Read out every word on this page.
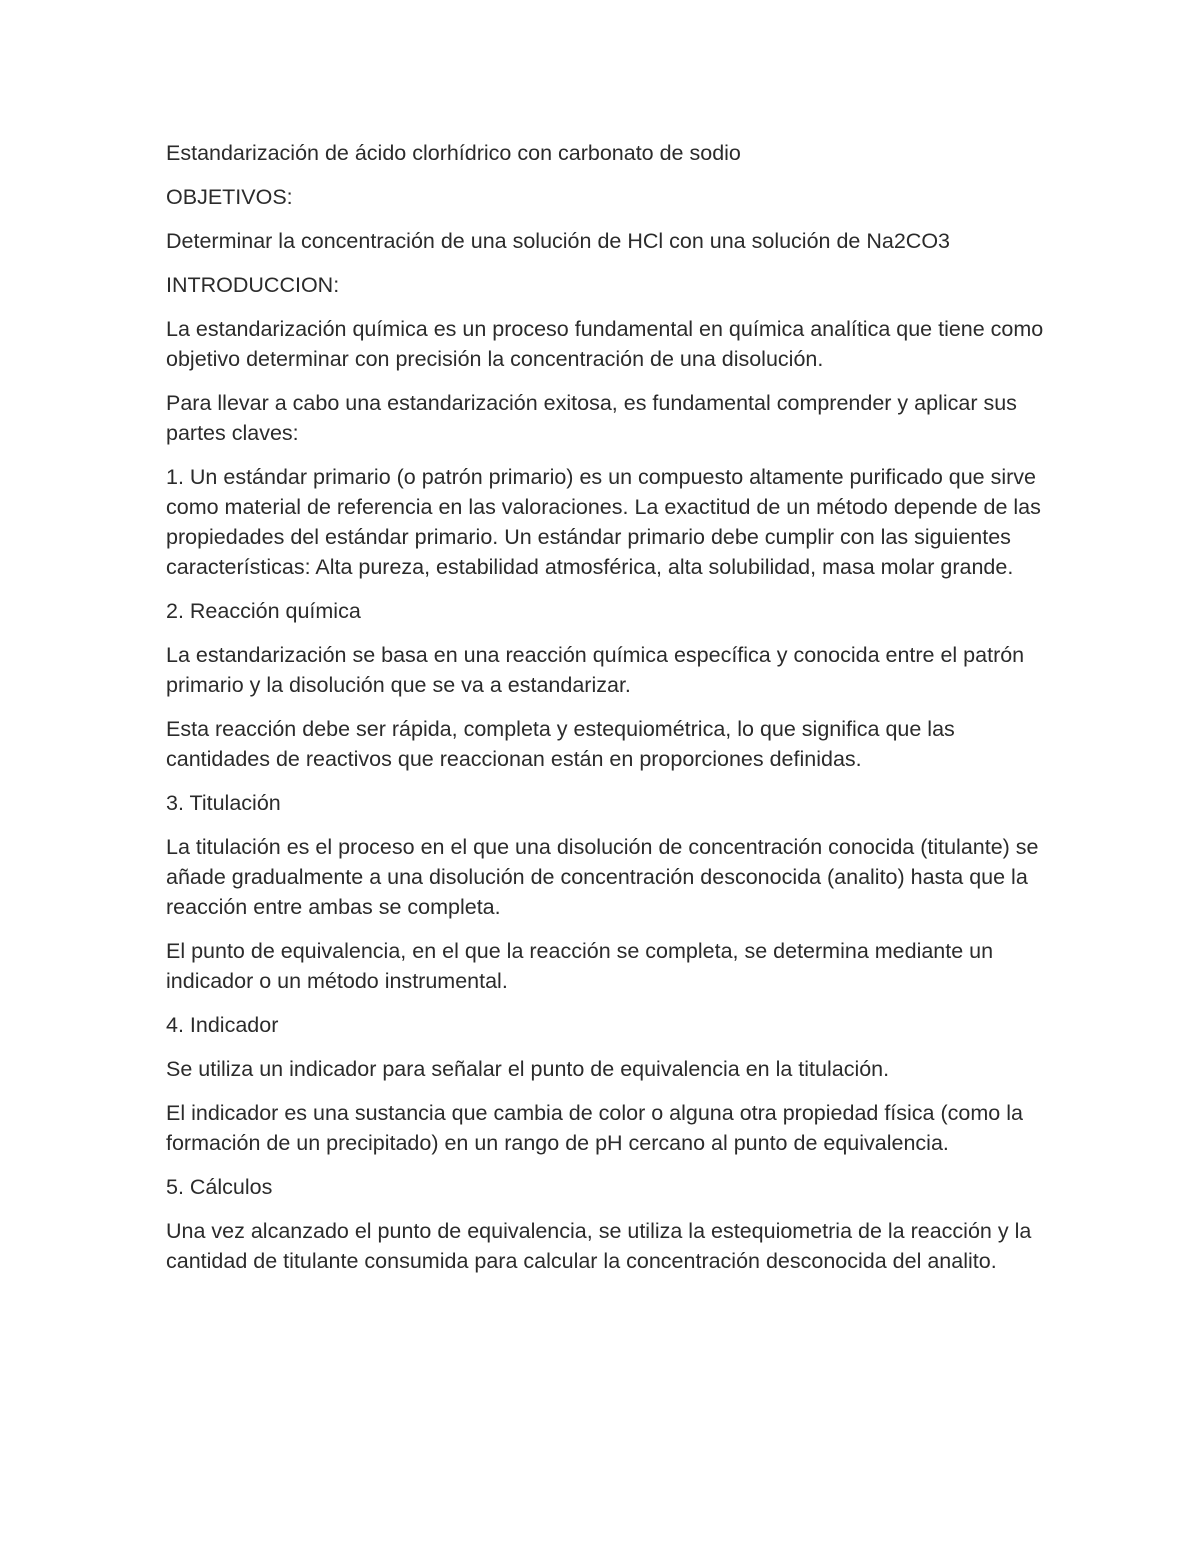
Estandarización de ácido clorhídrico con carbonato de sodio

OBJETIVOS:

Determinar la concentración de una solución de HCl con una solución de Na2CO3

INTRODUCCION:

La estandarización química es un proceso fundamental en química analítica que tiene como objetivo determinar con precisión la concentración de una disolución.

Para llevar a cabo una estandarización exitosa, es fundamental comprender y aplicar sus partes claves:

1. Un estándar primario (o patrón primario) es un compuesto altamente purificado que sirve como material de referencia en las valoraciones. La exactitud de un método depende de las propiedades del estándar primario. Un estándar primario debe cumplir con las siguientes características: Alta pureza, estabilidad atmosférica, alta solubilidad, masa molar grande.

2. Reacción química

La estandarización se basa en una reacción química específica y conocida entre el patrón primario y la disolución que se va a estandarizar.

Esta reacción debe ser rápida, completa y estequiométrica, lo que significa que las cantidades de reactivos que reaccionan están en proporciones definidas.

3. Titulación

La titulación es el proceso en el que una disolución de concentración conocida (titulante) se añade gradualmente a una disolución de concentración desconocida (analito) hasta que la reacción entre ambas se completa.

El punto de equivalencia, en el que la reacción se completa, se determina mediante un indicador o un método instrumental.

4. Indicador

Se utiliza un indicador para señalar el punto de equivalencia en la titulación.

El indicador es una sustancia que cambia de color o alguna otra propiedad física (como la formación de un precipitado) en un rango de pH cercano al punto de equivalencia.

5. Cálculos

Una vez alcanzado el punto de equivalencia, se utiliza la estequiometria de la reacción y la cantidad de titulante consumida para calcular la concentración desconocida del analito.
